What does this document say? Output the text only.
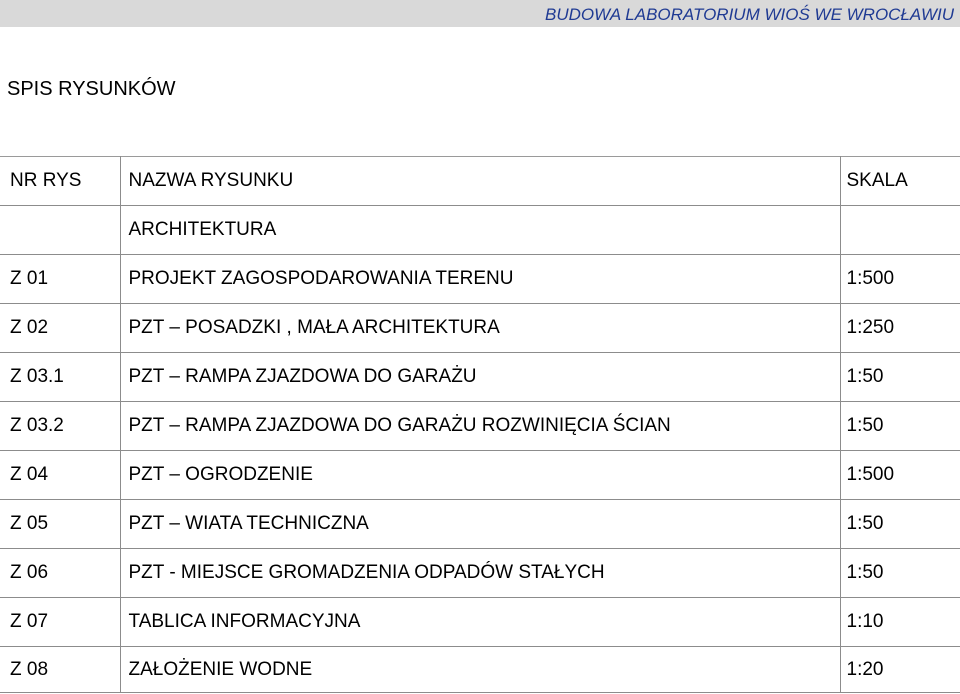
BUDOWA LABORATORIUM WIOŚ WE WROCŁAWIU
SPIS RYSUNKÓW
NR RYS	NAZWA RYSUNKU	SKALA
	ARCHITEKTURA	
Z 01	PROJEKT ZAGOSPODAROWANIA TERENU	1:500
Z 02	PZT – POSADZKI , MAŁA ARCHITEKTURA	1:250
Z 03.1	PZT – RAMPA ZJAZDOWA DO GARAŻU	1:50
Z 03.2	PZT – RAMPA ZJAZDOWA DO GARAŻU ROZWINIĘCIA ŚCIAN	1:50
Z 04	PZT – OGRODZENIE	1:500
Z 05	PZT – WIATA TECHNICZNA	1:50
Z 06	PZT - MIEJSCE GROMADZENIA ODPADÓW STAŁYCH	1:50
Z 07	TABLICA INFORMACYJNA	1:10
Z 08	ZAŁOŻENIE WODNE	1:20
